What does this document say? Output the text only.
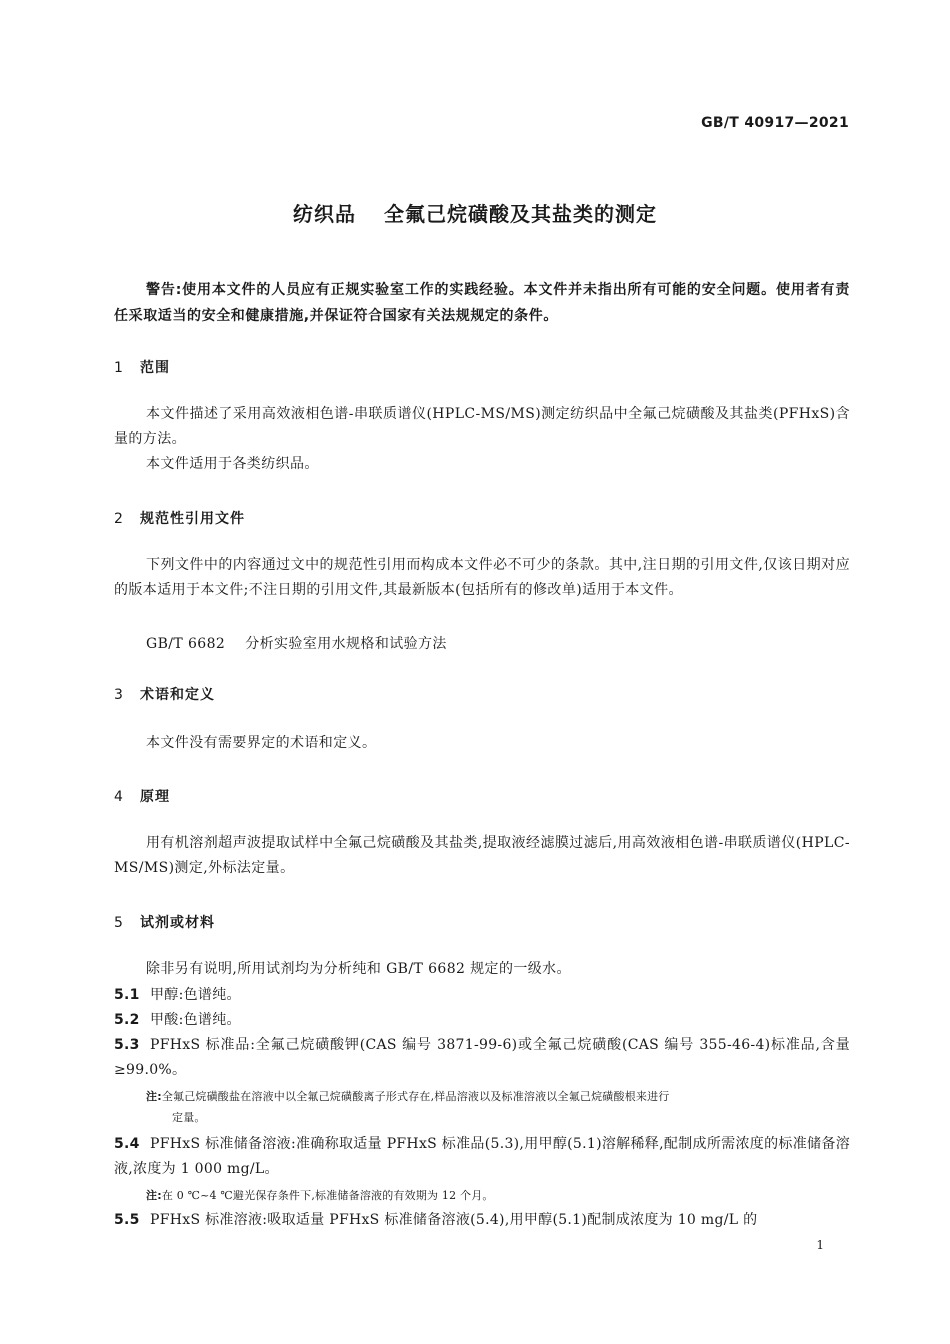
GB/T 40917—2021
纺织品 全氟己烷磺酸及其盐类的测定
警告:使用本文件的人员应有正规实验室工作的实践经验。本文件并未指出所有可能的安全问题。使用者有责任采取适当的安全和健康措施,并保证符合国家有关法规规定的条件。
1 范围
本文件描述了采用高效液相色谱-串联质谱仪(HPLC-MS/MS)测定纺织品中全氟己烷磺酸及其盐类(PFHxS)含量的方法。
本文件适用于各类纺织品。
2 规范性引用文件
下列文件中的内容通过文中的规范性引用而构成本文件必不可少的条款。其中,注日期的引用文件,仅该日期对应的版本适用于本文件;不注日期的引用文件,其最新版本(包括所有的修改单)适用于本文件。
GB/T 6682 分析实验室用水规格和试验方法
3 术语和定义
本文件没有需要界定的术语和定义。
4 原理
用有机溶剂超声波提取试样中全氟己烷磺酸及其盐类,提取液经滤膜过滤后,用高效液相色谱-串联质谱仪(HPLC-MS/MS)测定,外标法定量。
5 试剂或材料
除非另有说明,所用试剂均为分析纯和 GB/T 6682 规定的一级水。
5.1 甲醇:色谱纯。
5.2 甲酸:色谱纯。
5.3 PFHxS 标准品:全氟己烷磺酸钾(CAS 编号 3871-99-6)或全氟己烷磺酸(CAS 编号 355-46-4)标准品,含量≥99.0%。
注:全氟己烷磺酸盐在溶液中以全氟己烷磺酸离子形式存在,样品溶液以及标准溶液以全氟己烷磺酸根来进行
定量。
5.4 PFHxS 标准储备溶液:准确称取适量 PFHxS 标准品(5.3),用甲醇(5.1)溶解稀释,配制成所需浓度的标准储备溶液,浓度为 1 000 mg/L。
注:在 0 ℃~4 ℃避光保存条件下,标准储备溶液的有效期为 12 个月。
5.5 PFHxS 标准溶液:吸取适量 PFHxS 标准储备溶液(5.4),用甲醇(5.1)配制成浓度为 10 mg/L 的
1
